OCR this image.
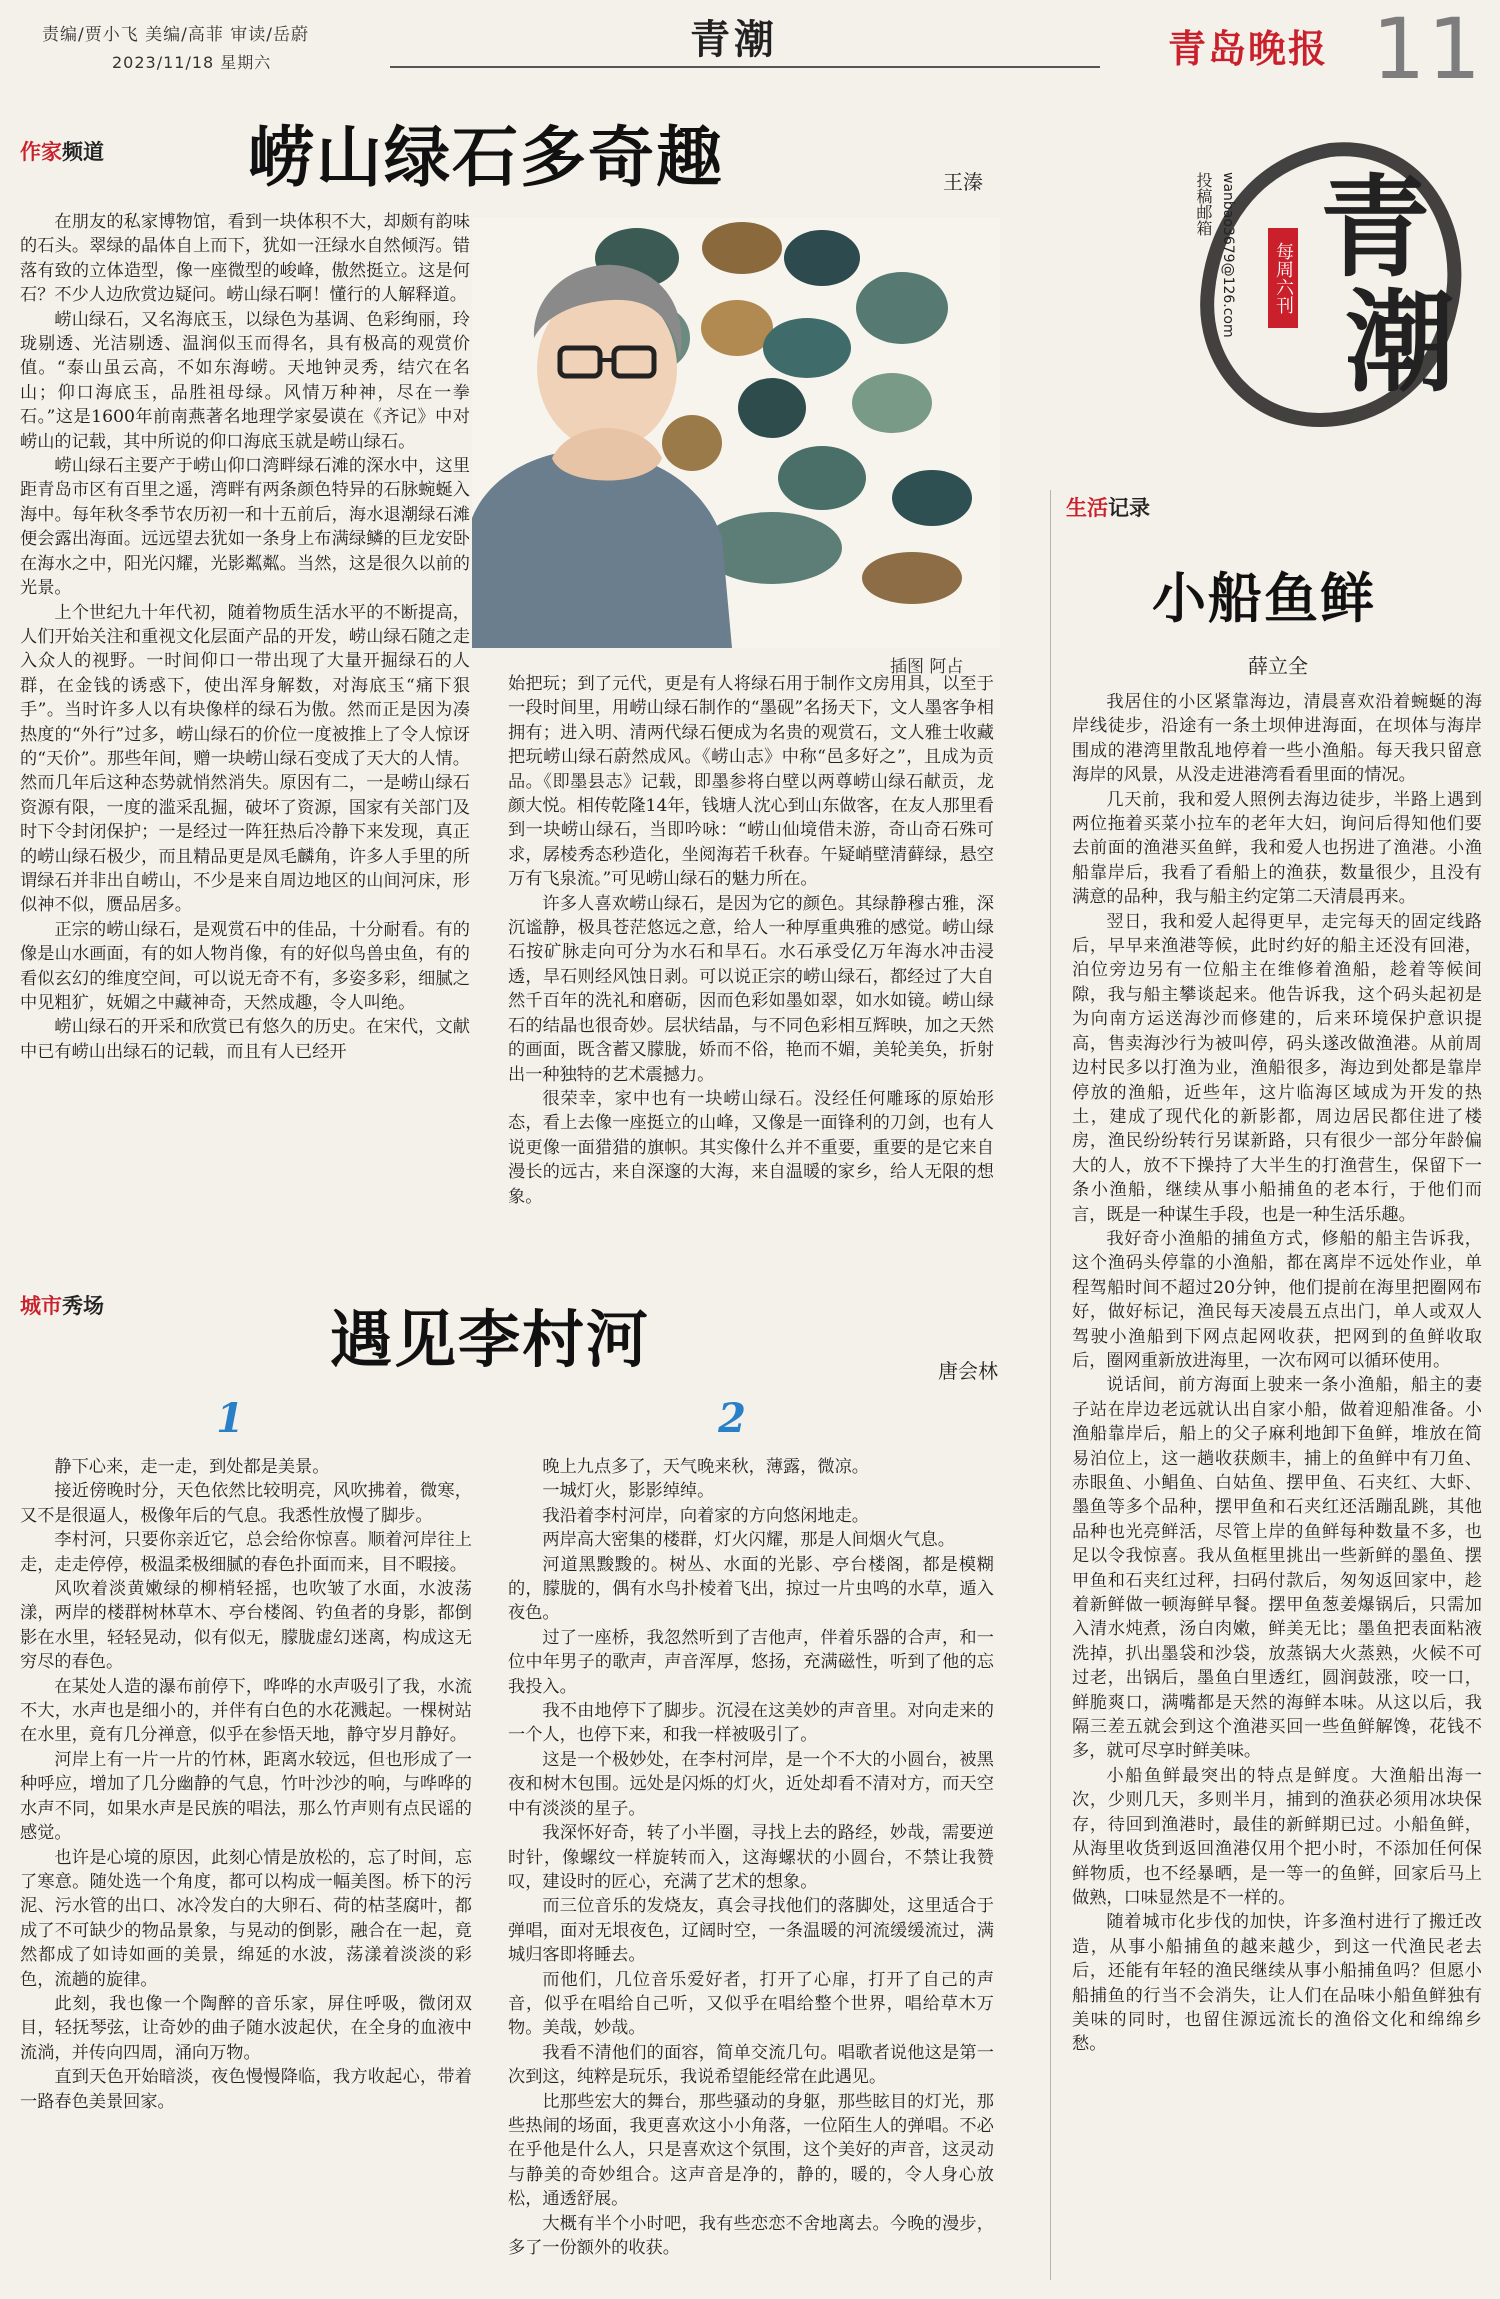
责编/贾小飞 美编/高菲 审读/岳蔚
2023/11/18 星期六	青潮	青岛晚报 11
青
潮
每周六刊
投稿邮箱 wanbao3679@126.com
作家频道 崂山绿石多奇趣	王溱

在朋友的私家博物馆，看到一块体积不大，却颇有韵味的石头。翠绿的晶体自上而下，犹如一汪绿水自然倾泻。错落有致的立体造型，像一座微型的峻峰，傲然挺立。这是何石？不少人边欣赏边疑问。崂山绿石啊！懂行的人解释道。

崂山绿石，又名海底玉，以绿色为基调、色彩绚丽，玲珑剔透、光洁剔透、温润似玉而得名，具有极高的观赏价值。“泰山虽云高，不如东海崂。天地钟灵秀，结穴在名山；仰口海底玉，品胜祖母绿。风情万种神，尽在一拳石。”这是1600年前南燕著名地理学家晏谟在《齐记》中对崂山的记载，其中所说的仰口海底玉就是崂山绿石。

崂山绿石主要产于崂山仰口湾畔绿石滩的深水中，这里距青岛市区有百里之遥，湾畔有两条颜色特异的石脉蜿蜒入海中。每年秋冬季节农历初一和十五前后，海水退潮绿石滩便会露出海面。远远望去犹如一条身上布满绿鳞的巨龙安卧在海水之中，阳光闪耀，光影粼粼。当然，这是很久以前的光景。

上个世纪九十年代初，随着物质生活水平的不断提高，人们开始关注和重视文化层面产品的开发，崂山绿石随之走入众人的视野。一时间仰口一带出现了大量开掘绿石的人群，在金钱的诱惑下，使出浑身解数，对海底玉“痛下狠手”。当时许多人以有块像样的绿石为傲。然而正是因为凑热度的“外行”过多，崂山绿石的价位一度被推上了令人惊讶的“天价”。那些年间，赠一块崂山绿石变成了天大的人情。然而几年后这种态势就悄然消失。原因有二，一是崂山绿石资源有限，一度的滥采乱掘，破坏了资源，国家有关部门及时下令封闭保护；一是经过一阵狂热后冷静下来发现，真正的崂山绿石极少，而且精品更是凤毛麟角，许多人手里的所谓绿石并非出自崂山，不少是来自周边地区的山间河床，形似神不似，赝品居多。

正宗的崂山绿石，是观赏石中的佳品，十分耐看。有的像是山水画面，有的如人物肖像，有的好似鸟兽虫鱼，有的看似玄幻的维度空间，可以说无奇不有，多姿多彩，细腻之中见粗犷，妩媚之中藏神奇，天然成趣，令人叫绝。

崂山绿石的开采和欣赏已有悠久的历史。在宋代，文献中已有崂山出绿石的记载，而且有人已经开

插图 阿占

始把玩；到了元代，更是有人将绿石用于制作文房用具，以至于一段时间里，用崂山绿石制作的“墨砚”名扬天下，文人墨客争相拥有；进入明、清两代绿石便成为名贵的观赏石，文人雅士收藏把玩崂山绿石蔚然成风。《崂山志》中称“邑多好之”，且成为贡品。《即墨县志》记载，即墨参将白壁以两尊崂山绿石献贡，龙颜大悦。相传乾隆14年，钱塘人沈心到山东做客，在友人那里看到一块崂山绿石，当即吟咏：“崂山仙境借未游，奇山奇石殊可求，孱棱秀态秒造化，坐阅海若千秋春。午疑峭壁清藓绿，悬空万有飞泉流。”可见崂山绿石的魅力所在。

许多人喜欢崂山绿石，是因为它的颜色。其绿静穆古雅，深沉谧静，极具苍茫悠远之意，给人一种厚重典雅的感觉。崂山绿石按矿脉走向可分为水石和旱石。水石承受亿万年海水冲击浸透，旱石则经风蚀日剥。可以说正宗的崂山绿石，都经过了大自然千百年的洗礼和磨砺，因而色彩如墨如翠，如水如镜。崂山绿石的结晶也很奇妙。层状结晶，与不同色彩相互辉映，加之天然的画面，既含蓄又朦胧，娇而不俗，艳而不媚，美轮美奂，折射出一种独特的艺术震撼力。

很荣幸，家中也有一块崂山绿石。没经任何雕琢的原始形态，看上去像一座挺立的山峰，又像是一面锋利的刀剑，也有人说更像一面猎猎的旗帜。其实像什么并不重要，重要的是它来自漫长的远古，来自深邃的大海，来自温暖的家乡，给人无限的想象。

城市秀场	遇见李村河	唐会林
1	2

静下心来，走一走，到处都是美景。

接近傍晚时分，天色依然比较明亮，风吹拂着，微寒，又不是很逼人，极像年后的气息。我悉性放慢了脚步。

李村河，只要你亲近它，总会给你惊喜。顺着河岸往上走，走走停停，极温柔极细腻的春色扑面而来，目不暇接。

风吹着淡黄嫩绿的柳梢轻摇，也吹皱了水面，水波荡漾，两岸的楼群树林草木、亭台楼阁、钓鱼者的身影，都倒影在水里，轻轻晃动，似有似无，朦胧虚幻迷离，构成这无穷尽的春色。

在某处人造的瀑布前停下，哗哗的水声吸引了我，水流不大，水声也是细小的，并伴有白色的水花溅起。一棵树站在水里，竟有几分禅意，似乎在参悟天地，静守岁月静好。

河岸上有一片一片的竹林，距离水较远，但也形成了一种呼应，增加了几分幽静的气息，竹叶沙沙的响，与哗哗的水声不同，如果水声是民族的唱法，那么竹声则有点民谣的感觉。

也许是心境的原因，此刻心情是放松的，忘了时间，忘了寒意。随处选一个角度，都可以构成一幅美图。桥下的污泥、污水管的出口、冰冷发白的大卵石、荷的枯茎腐叶，都成了不可缺少的物品景象，与晃动的倒影，融合在一起，竟然都成了如诗如画的美景，绵延的水波，荡漾着淡淡的彩色，流趟的旋律。

此刻，我也像一个陶醉的音乐家，屏住呼吸，微闭双目，轻抚琴弦，让奇妙的曲子随水波起伏，在全身的血液中流淌，并传向四周，涌向万物。

直到天色开始暗淡，夜色慢慢降临，我方收起心，带着一路春色美景回家。

晚上九点多了，天气晚来秋，薄露，微凉。

一城灯火，影影绰绰。

我沿着李村河岸，向着家的方向悠闲地走。

两岸高大密集的楼群，灯火闪耀，那是人间烟火气息。

河道黑黢黢的。树丛、水面的光影、亭台楼阁，都是模糊的，朦胧的，偶有水鸟扑棱着飞出，掠过一片虫鸣的水草，遁入夜色。

过了一座桥，我忽然听到了吉他声，伴着乐器的合声，和一位中年男子的歌声，声音浑厚，悠扬，充满磁性，听到了他的忘我投入。

我不由地停下了脚步。沉浸在这美妙的声音里。对向走来的一个人，也停下来，和我一样被吸引了。

这是一个极妙处，在李村河岸，是一个不大的小圆台，被黑夜和树木包围。远处是闪烁的灯火，近处却看不清对方，而天空中有淡淡的星子。

我深怀好奇，转了小半圈，寻找上去的路经，妙哉，需要逆时针，像螺纹一样旋转而入，这海螺状的小圆台，不禁让我赞叹，建设时的匠心，充满了艺术的想象。

而三位音乐的发烧友，真会寻找他们的落脚处，这里适合于弹唱，面对无垠夜色，辽阔时空，一条温暖的河流缓缓流过，满城归客即将睡去。

而他们，几位音乐爱好者，打开了心扉，打开了自己的声音，似乎在唱给自己听，又似乎在唱给整个世界，唱给草木万物。美哉，妙哉。

我看不清他们的面容，简单交流几句。唱歌者说他这是第一次到这，纯粹是玩乐，我说希望能经常在此遇见。

比那些宏大的舞台，那些骚动的身躯，那些眩目的灯光，那些热闹的场面，我更喜欢这小小角落，一位陌生人的弹唱。不必在乎他是什么人，只是喜欢这个氛围，这个美好的声音，这灵动与静美的奇妙组合。这声音是净的，静的，暖的，令人身心放松，通透舒展。

大概有半个小时吧，我有些恋恋不舍地离去。今晚的漫步，多了一份额外的收获。

生活记录
小船鱼鲜
薛立全

我居住的小区紧靠海边，清晨喜欢沿着蜿蜒的海岸线徒步，沿途有一条土坝伸进海面，在坝体与海岸围成的港湾里散乱地停着一些小渔船。每天我只留意海岸的风景，从没走进港湾看看里面的情况。

几天前，我和爱人照例去海边徒步，半路上遇到两位拖着买菜小拉车的老年大妇，询问后得知他们要去前面的渔港买鱼鲜，我和爱人也拐进了渔港。小渔船靠岸后，我看了看船上的渔获，数量很少，且没有满意的品种，我与船主约定第二天清晨再来。

翌日，我和爱人起得更早，走完每天的固定线路后，早早来渔港等候，此时约好的船主还没有回港，泊位旁边另有一位船主在维修着渔船，趁着等候间隙，我与船主攀谈起来。他告诉我，这个码头起初是为向南方运送海沙而修建的，后来环境保护意识提高，售卖海沙行为被叫停，码头遂改做渔港。从前周边村民多以打渔为业，渔船很多，海边到处都是靠岸停放的渔船，近些年，这片临海区域成为开发的热土，建成了现代化的新影都，周边居民都住进了楼房，渔民纷纷转行另谋新路，只有很少一部分年龄偏大的人，放不下操持了大半生的打渔营生，保留下一条小渔船，继续从事小船捕鱼的老本行，于他们而言，既是一种谋生手段，也是一种生活乐趣。

我好奇小渔船的捕鱼方式，修船的船主告诉我，这个渔码头停靠的小渔船，都在离岸不远处作业，单程驾船时间不超过20分钟，他们提前在海里把圈网布好，做好标记，渔民每天凌晨五点出门，单人或双人驾驶小渔船到下网点起网收获，把网到的鱼鲜收取后，圈网重新放进海里，一次布网可以循环使用。

说话间，前方海面上驶来一条小渔船，船主的妻子站在岸边老远就认出自家小船，做着迎船准备。小渔船靠岸后，船上的父子麻利地卸下鱼鲜，堆放在简易泊位上，这一趟收获颇丰，捕上的鱼鲜中有刀鱼、赤眼鱼、小鲳鱼、白姑鱼、摆甲鱼、石夹红、大虾、墨鱼等多个品种，摆甲鱼和石夹红还活蹦乱跳，其他品种也光亮鲜活，尽管上岸的鱼鲜每种数量不多，也足以令我惊喜。我从鱼框里挑出一些新鲜的墨鱼、摆甲鱼和石夹红过秤，扫码付款后，匆匆返回家中，趁着新鲜做一顿海鲜早餐。摆甲鱼葱姜爆锅后，只需加入清水炖煮，汤白肉嫩，鲜美无比；墨鱼把表面粘液洗掉，扒出墨袋和沙袋，放蒸锅大火蒸熟，火候不可过老，出锅后，墨鱼白里透红，圆润鼓涨，咬一口，鲜脆爽口，满嘴都是天然的海鲜本味。从这以后，我隔三差五就会到这个渔港买回一些鱼鲜解馋，花钱不多，就可尽享时鲜美味。

小船鱼鲜最突出的特点是鲜度。大渔船出海一次，少则几天，多则半月，捕到的渔获必须用冰块保存，待回到渔港时，最佳的新鲜期已过。小船鱼鲜，从海里收货到返回渔港仅用个把小时，不添加任何保鲜物质，也不经暴晒，是一等一的鱼鲜，回家后马上做熟，口味显然是不一样的。

随着城市化步伐的加快，许多渔村进行了搬迁改造，从事小船捕鱼的越来越少，到这一代渔民老去后，还能有年轻的渔民继续从事小船捕鱼吗？但愿小船捕鱼的行当不会消失，让人们在品味小船鱼鲜独有美味的同时，也留住源远流长的渔俗文化和绵绵乡愁。
